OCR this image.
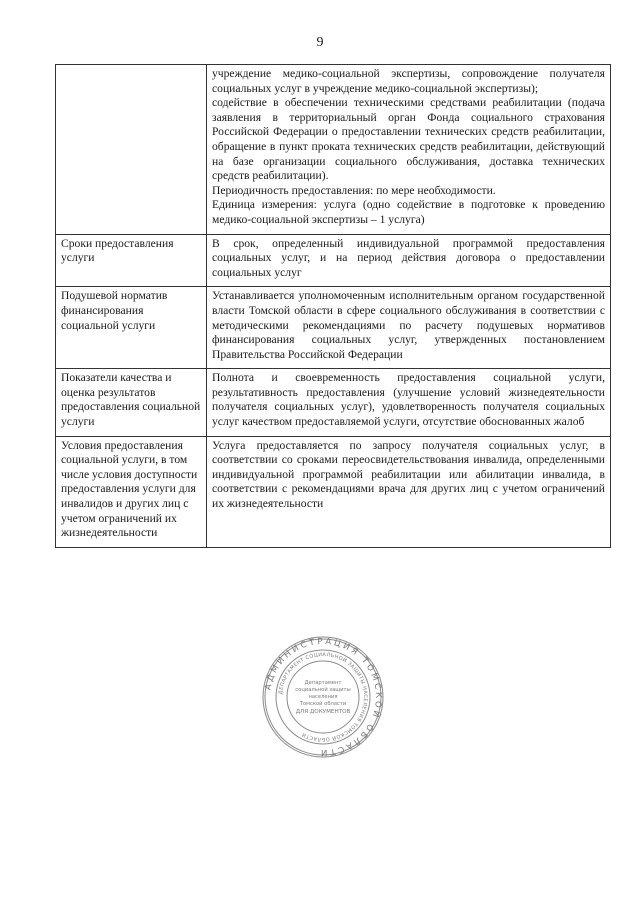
9

	учреждение медико-социальной экспертизы, сопровождение получателя социальных услуг в учреждение медико-социальной экспертизы);

содействие в обеспечении техническими средствами реабилитации (подача заявления в территориальный орган Фонда социального страхования Российской Федерации о предоставлении технических средств реабилитации, обращение в пункт проката технических средств реабилитации, действующий на базе организации социального обслуживания, доставка технических средств реабилитации).

Периодичность предоставления: по мере необходимости.

Единица измерения: услуга (одно содействие в подготовке к проведению медико-социальной экспертизы – 1 услуга)

Сроки предоставления услуги	В срок, определенный индивидуальной программой предоставления социальных услуг, и на период действия договора о предоставлении социальных услуг

Подушевой норматив финансирования социальной услуги	Устанавливается уполномоченным исполнительным органом государственной власти Томской области в сфере социального обслуживания в соответствии с методическими рекомендациями по расчету подушевых нормативов финансирования социальных услуг, утвержденных постановлением Правительства Российской Федерации

Показатели качества и оценка результатов предоставления социальной услуги	Полнота и своевременность предоставления социальной услуги, результативность предоставления (улучшение условий жизнедеятельности получателя социальных услуг), удовлетворенность получателя социальных услуг качеством предоставляемой услуги, отсутствие обоснованных жалоб

Условия предоставления социальной услуги, в том числе условия доступности предоставления услуги для инвалидов и других лиц с учетом ограничений их жизнедеятельности	Услуга предоставляется по запросу получателя социальных услуг, в соответствии со сроками переосвидетельствования инвалида, определенными индивидуальной программой реабилитации или абилитации инвалида, в соответствии с рекомендациями врача для других лиц с учетом ограничений их жизнедеятельности

АДМИНИСТРАЦИЯ ТОМСКОЙ ОБЛАСТИ
ДЕПАРТАМЕНТ СОЦИАЛЬНОЙ ЗАЩИТЫ НАСЕЛЕНИЯ ТОМСКОЙ ОБЛАСТИ
Департамент
социальной защиты
населения
Томской области
ДЛЯ ДОКУМЕНТОВ
